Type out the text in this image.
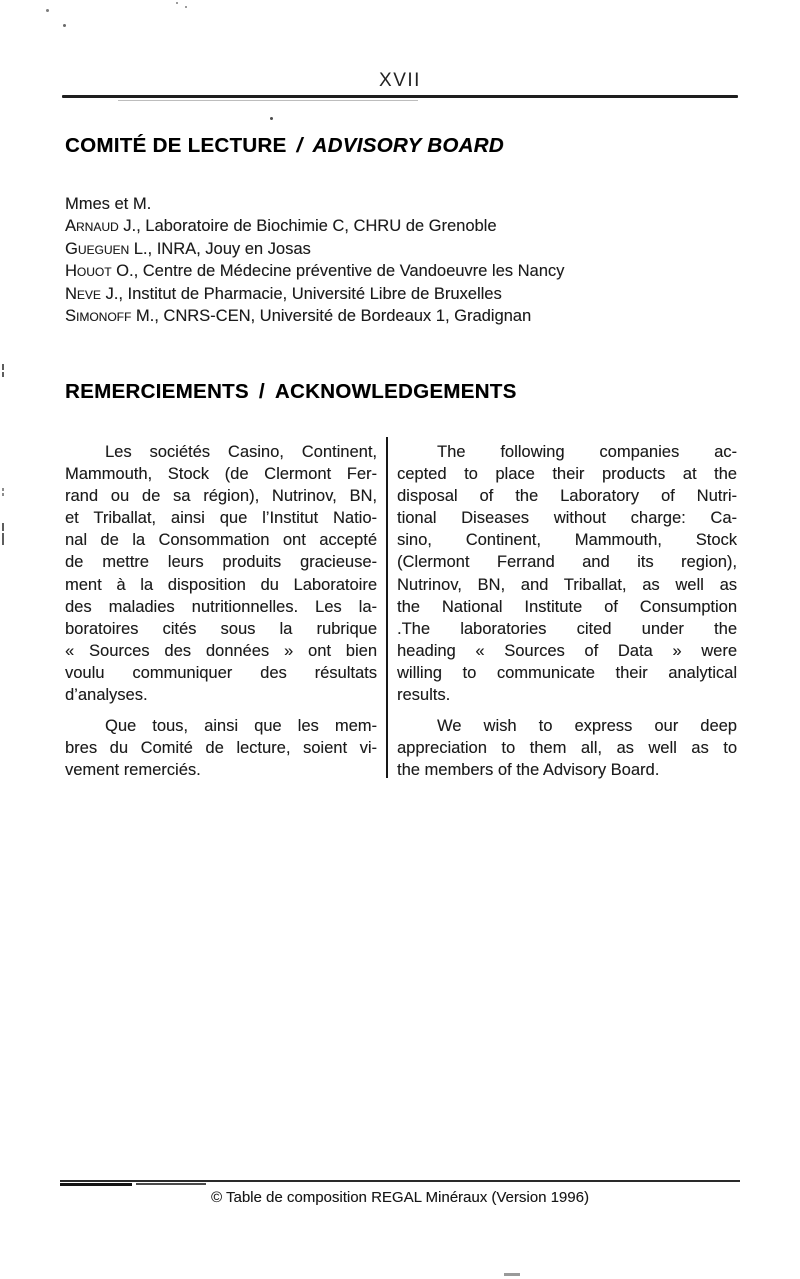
XVII
COMITÉ DE LECTURE / ADVISORY BOARD
Mmes et M.
Arnaud J., Laboratoire de Biochimie C, CHRU de Grenoble
Gueguen L., INRA, Jouy en Josas
Houot O., Centre de Médecine préventive de Vandoeuvre les Nancy
Neve J., Institut de Pharmacie, Université Libre de Bruxelles
Simonoff M., CNRS-CEN, Université de Bordeaux 1, Gradignan
REMERCIEMENTS / ACKNOWLEDGEMENTS
Les sociétés Casino, Continent,
Mammouth, Stock (de Clermont Fer-
rand ou de sa région), Nutrinov, BN,
et Triballat, ainsi que l’Institut Natio-
nal de la Consommation ont accepté
de mettre leurs produits gracieuse-
ment à la disposition du Laboratoire
des maladies nutritionnelles. Les la-
boratoires cités sous la rubrique
« Sources des données » ont bien
voulu communiquer des résultats
d’analyses.
Que tous, ainsi que les mem-
bres du Comité de lecture, soient vi-
vement remerciés.
The following companies ac-
cepted to place their products at the
disposal of the Laboratory of Nutri-
tional Diseases without charge: Ca-
sino, Continent, Mammouth, Stock
(Clermont Ferrand and its region),
Nutrinov, BN, and Triballat, as well as
the National Institute of Consumption
.The laboratories cited under the
heading « Sources of Data » were
willing to communicate their analytical
results.
We wish to express our deep
appreciation to them all, as well as to
the members of the Advisory Board.
© Table de composition REGAL Minéraux (Version 1996)
